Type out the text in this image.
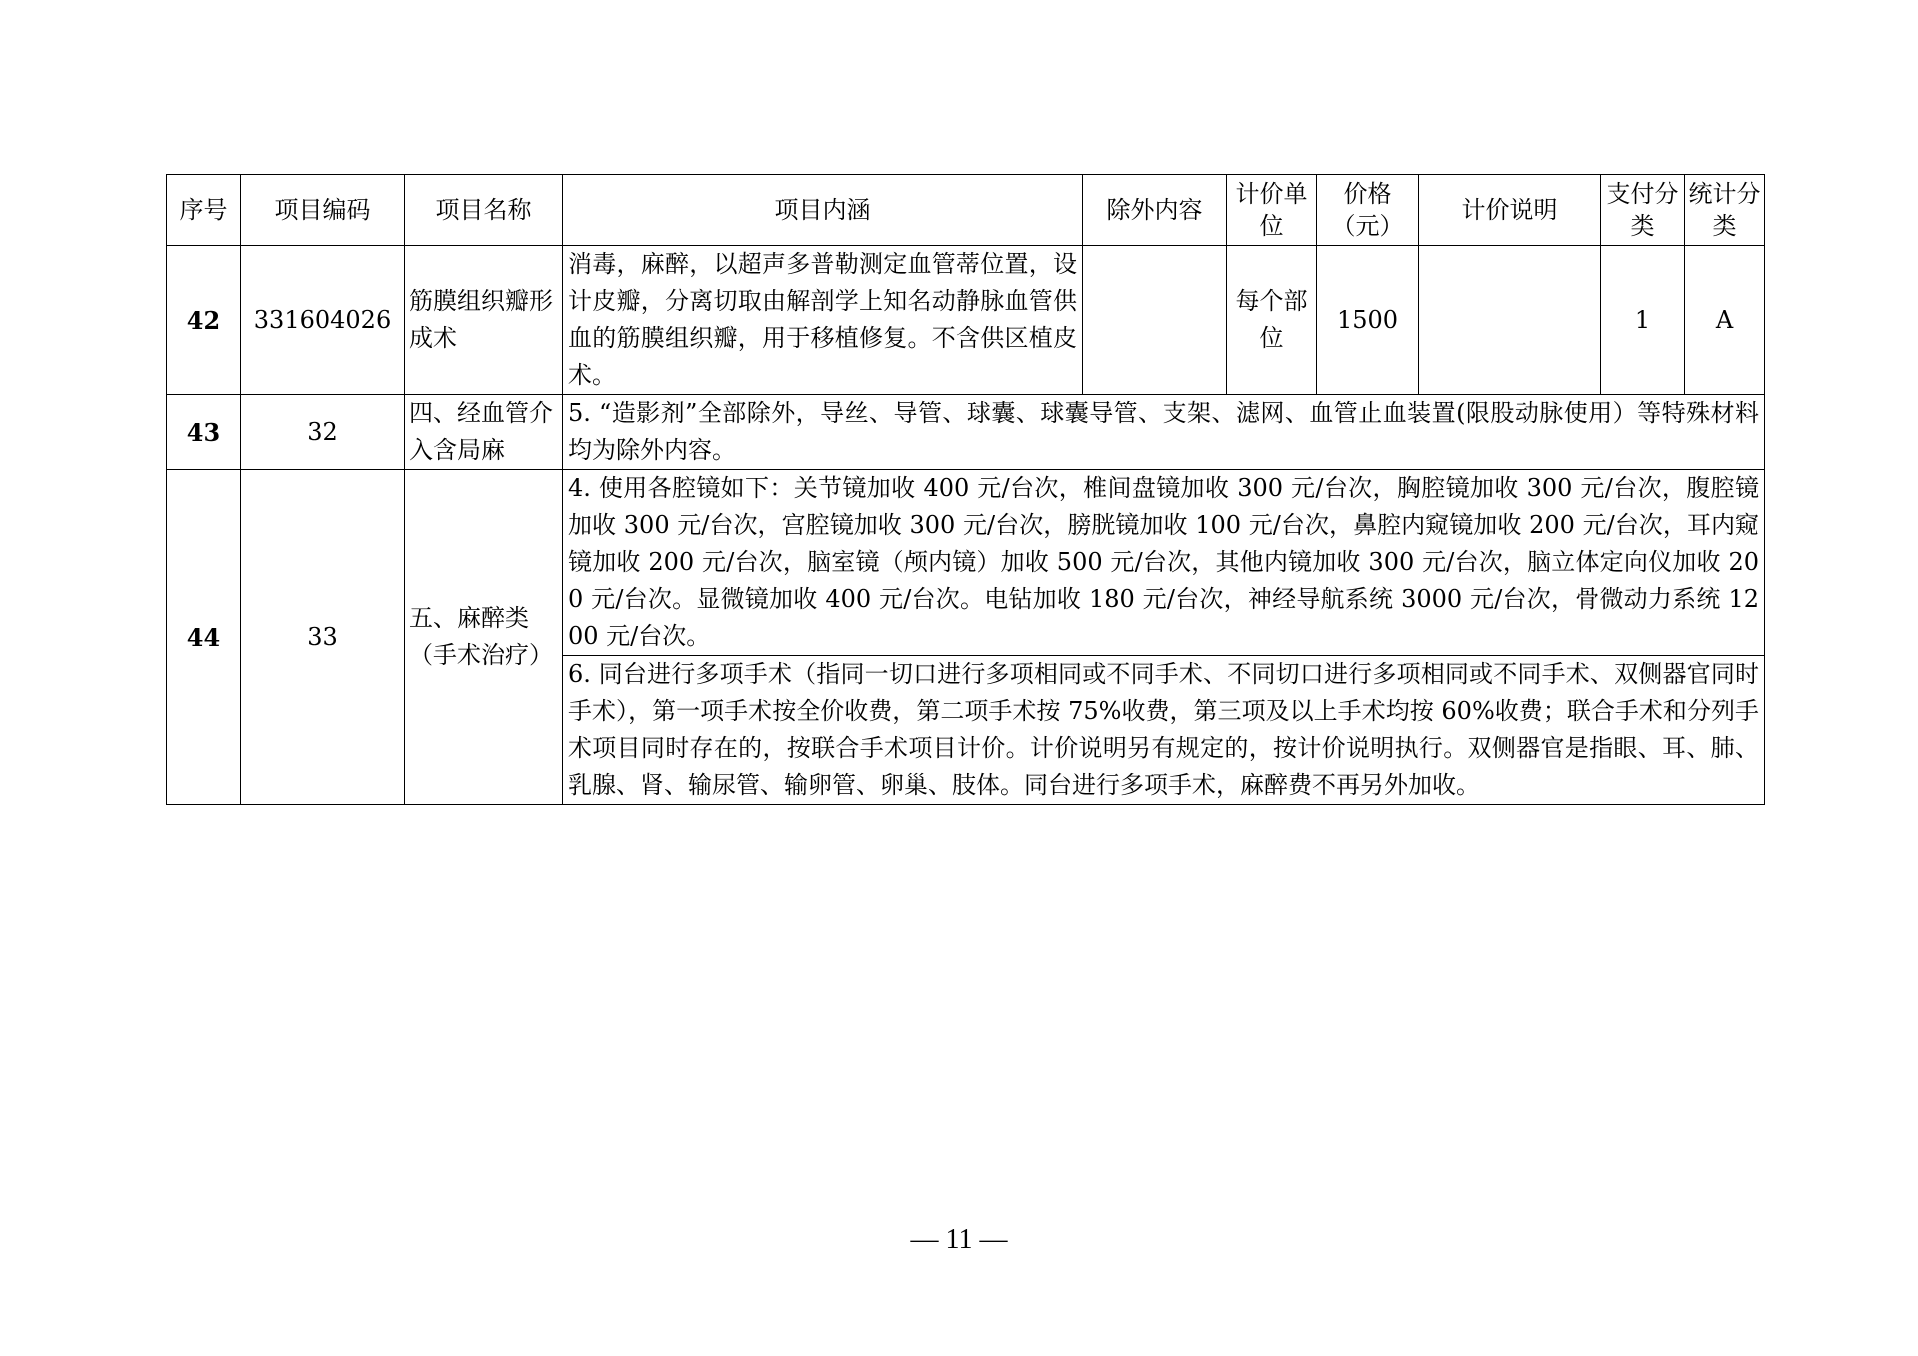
序号	项目编码	项目名称	项目内涵	除外内容	计价单位	价格（元）	计价说明	支付分类	统计分类
42	331604026	筋膜组织瓣形成术	消毒，麻醉，以超声多普勒测定血管蒂位置，设计皮瓣，分离切取由解剖学上知名动静脉血管供血的筋膜组织瓣，用于移植修复。不含供区植皮术。		每个部位	1500		1	A
43	32	四、经血管介入含局麻	5. “造影剂”全部除外，导丝、导管、球囊、球囊导管、支架、滤网、血管止血装置(限股动脉使用）等特殊材料均为除外内容。						
44	33	五、麻醉类（手术治疗）	4. 使用各腔镜如下：关节镜加收 400 元/台次，椎间盘镜加收 300 元/台次，胸腔镜加收 300 元/台次，腹腔镜加收 300 元/台次，宫腔镜加收 300 元/台次，膀胱镜加收 100 元/台次，鼻腔内窥镜加收 200 元/台次，耳内窥镜加收 200 元/台次，脑室镜（颅内镜）加收 500 元/台次，其他内镜加收 300 元/台次，脑立体定向仪加收 200 元/台次。显微镜加收 400 元/台次。电钻加收 180 元/台次，神经导航系统 3000 元/台次，骨微动力系统 1200 元/台次。						
			6. 同台进行多项手术（指同一切口进行多项相同或不同手术、不同切口进行多项相同或不同手术、双侧器官同时手术），第一项手术按全价收费，第二项手术按 75%收费，第三项及以上手术均按 60%收费；联合手术和分列手术项目同时存在的，按联合手术项目计价。计价说明另有规定的，按计价说明执行。双侧器官是指眼、耳、肺、乳腺、肾、输尿管、输卵管、卵巢、肢体。同台进行多项手术，麻醉费不再另外加收。						
— 11 —
